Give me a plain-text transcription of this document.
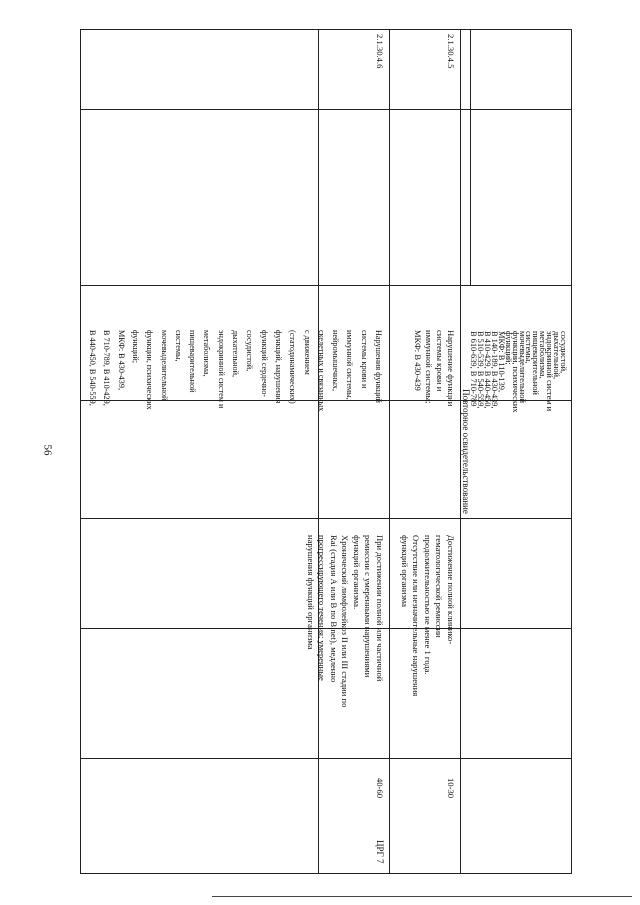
56
сосудистой,
дыхательной,
эндокринной систем и
метаболизма,
пищеварительной
системы,
мочевыделительной
функции, психических
функций;
МКФ: В 110-139,
В 140-189, В 430-439,
В 410-429, В 440-450,
В 510-539, В 540-559,
В 610-639, В 710-789
Повторное освидетельствование
2.1.30.4.5
Нарушение функции
системы крови и
иммунной системы;
МКФ: В 430-439
Достижение полной клинико-
гематологической ремиссии
продолжительностью не менее 1 года.
Отсутствие или незначительные нарушения
функций организма
10-30
2.1.30.4.6
Нарушения функций
системы крови и
иммунной системы,
нейромышечных,
скелетных и связанных
с движением
(статодинамических)
функций, нарушения
функций сердечно-
сосудистой,
дыхательной,
эндокринной систем и
метаболизма,
пищеварительной
системы,
мочевыделительной
функции, психических
функций;
МКФ: В 430-439,
В 710-789, В 410-429,
В 440-450, В 540-559,
При достижении полной или частичной
ремиссии с умеренными нарушениями
функций организма.
Хронический лимфолейкоз II или III стадии по
Rai (стадия А или В по Binet), медленно
прогрессирующего течения; умеренные
нарушения функций организма
40-60
ЦРГ 7
